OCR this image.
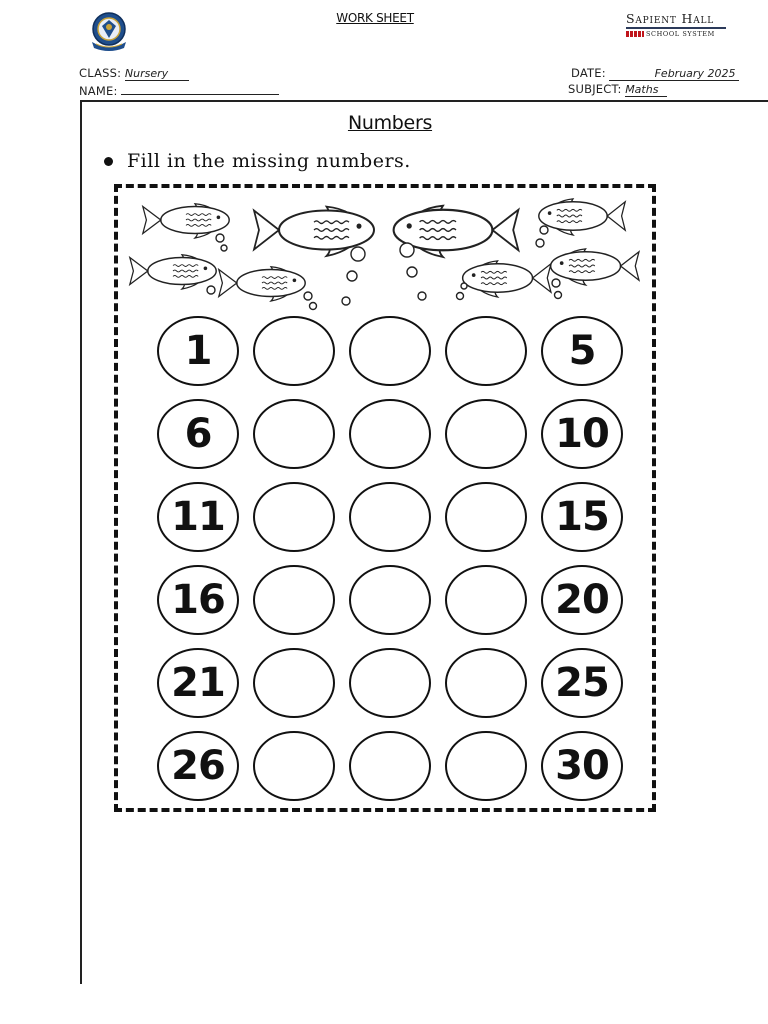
WORK SHEET	Sapient Hall
SCHOOL SYSTEM
CLASS: Nursery
NAME:
DATE:	February 2025
SUBJECT: Maths
Numbers
Fill in the missing numbers.
1	5
6	10
11	15
16	20
21	25
26	30
